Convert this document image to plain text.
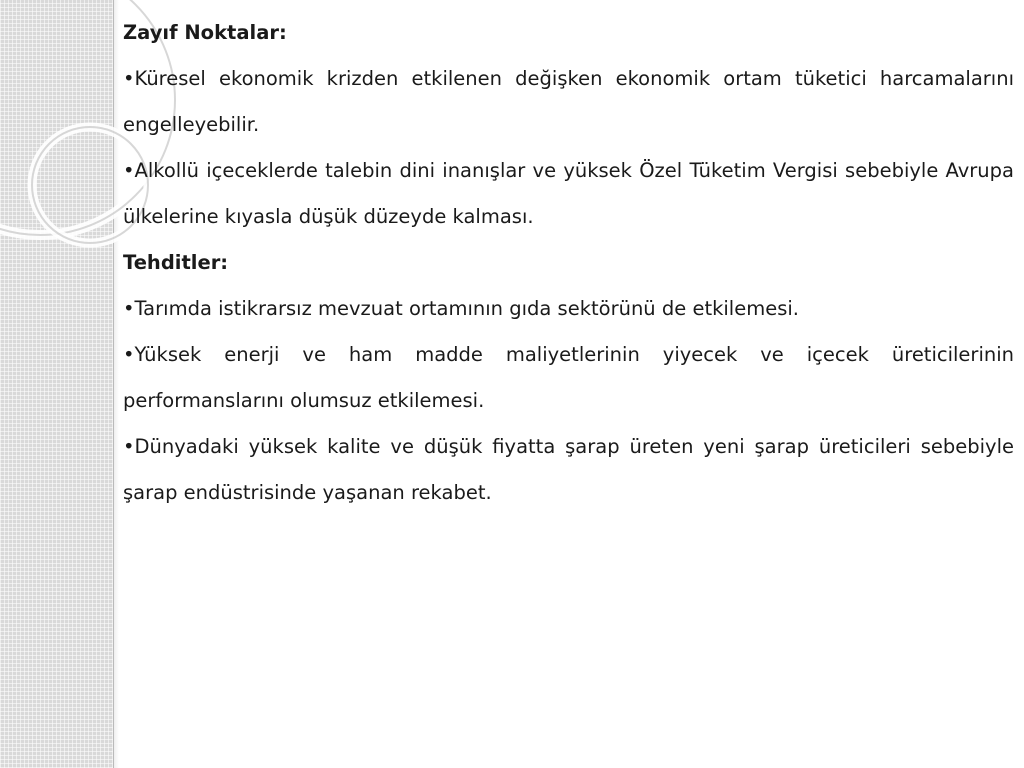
Zayıf Noktalar:

•Küresel ekonomik krizden etkilenen değişken ekonomik ortam tüketici harcamalarını engelleyebilir.

•Alkollü içeceklerde talebin dini inanışlar ve yüksek Özel Tüketim Vergisi sebebiyle Avrupa ülkelerine kıyasla düşük düzeyde kalması.

Tehditler:

•Tarımda istikrarsız mevzuat ortamının gıda sektörünü de etkilemesi.

•Yüksek enerji ve ham madde maliyetlerinin yiyecek ve içecek üreticilerinin performanslarını olumsuz etkilemesi.

•Dünyadaki yüksek kalite ve düşük fiyatta şarap üreten yeni şarap üreticileri sebebiyle şarap endüstrisinde yaşanan rekabet.
